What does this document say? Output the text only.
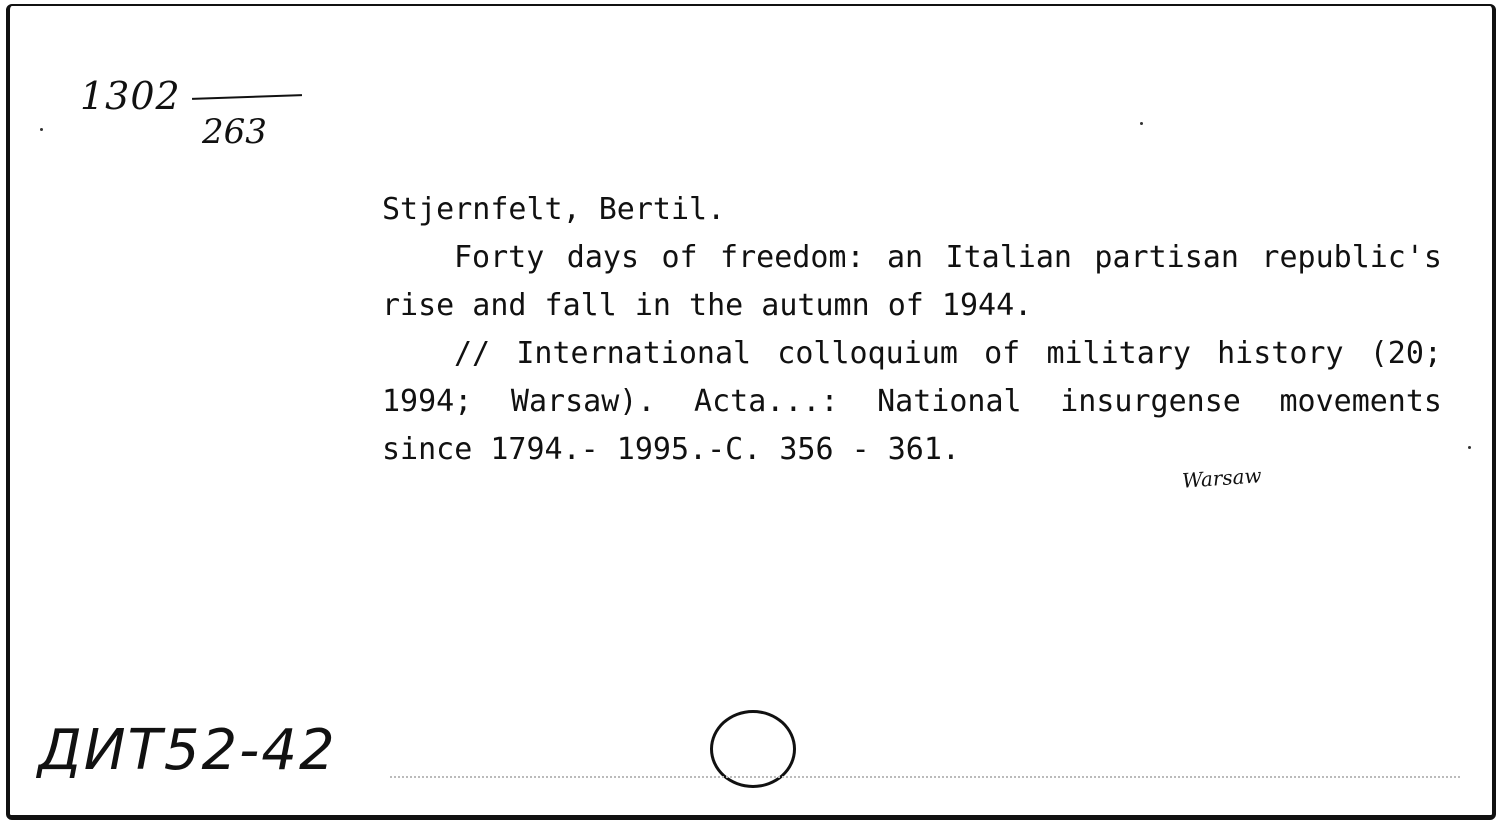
1302
263

Stjernfelt, Bertil.

Forty days of freedom: an Italian partisan republic's rise and fall in the autumn of 1944.

// International colloquium of military history (20; 1994; Warsaw). Acta...: National insurgense movements since 1794.- 1995.-C. 356 - 361.

Warsaw
ДИТ52-42
